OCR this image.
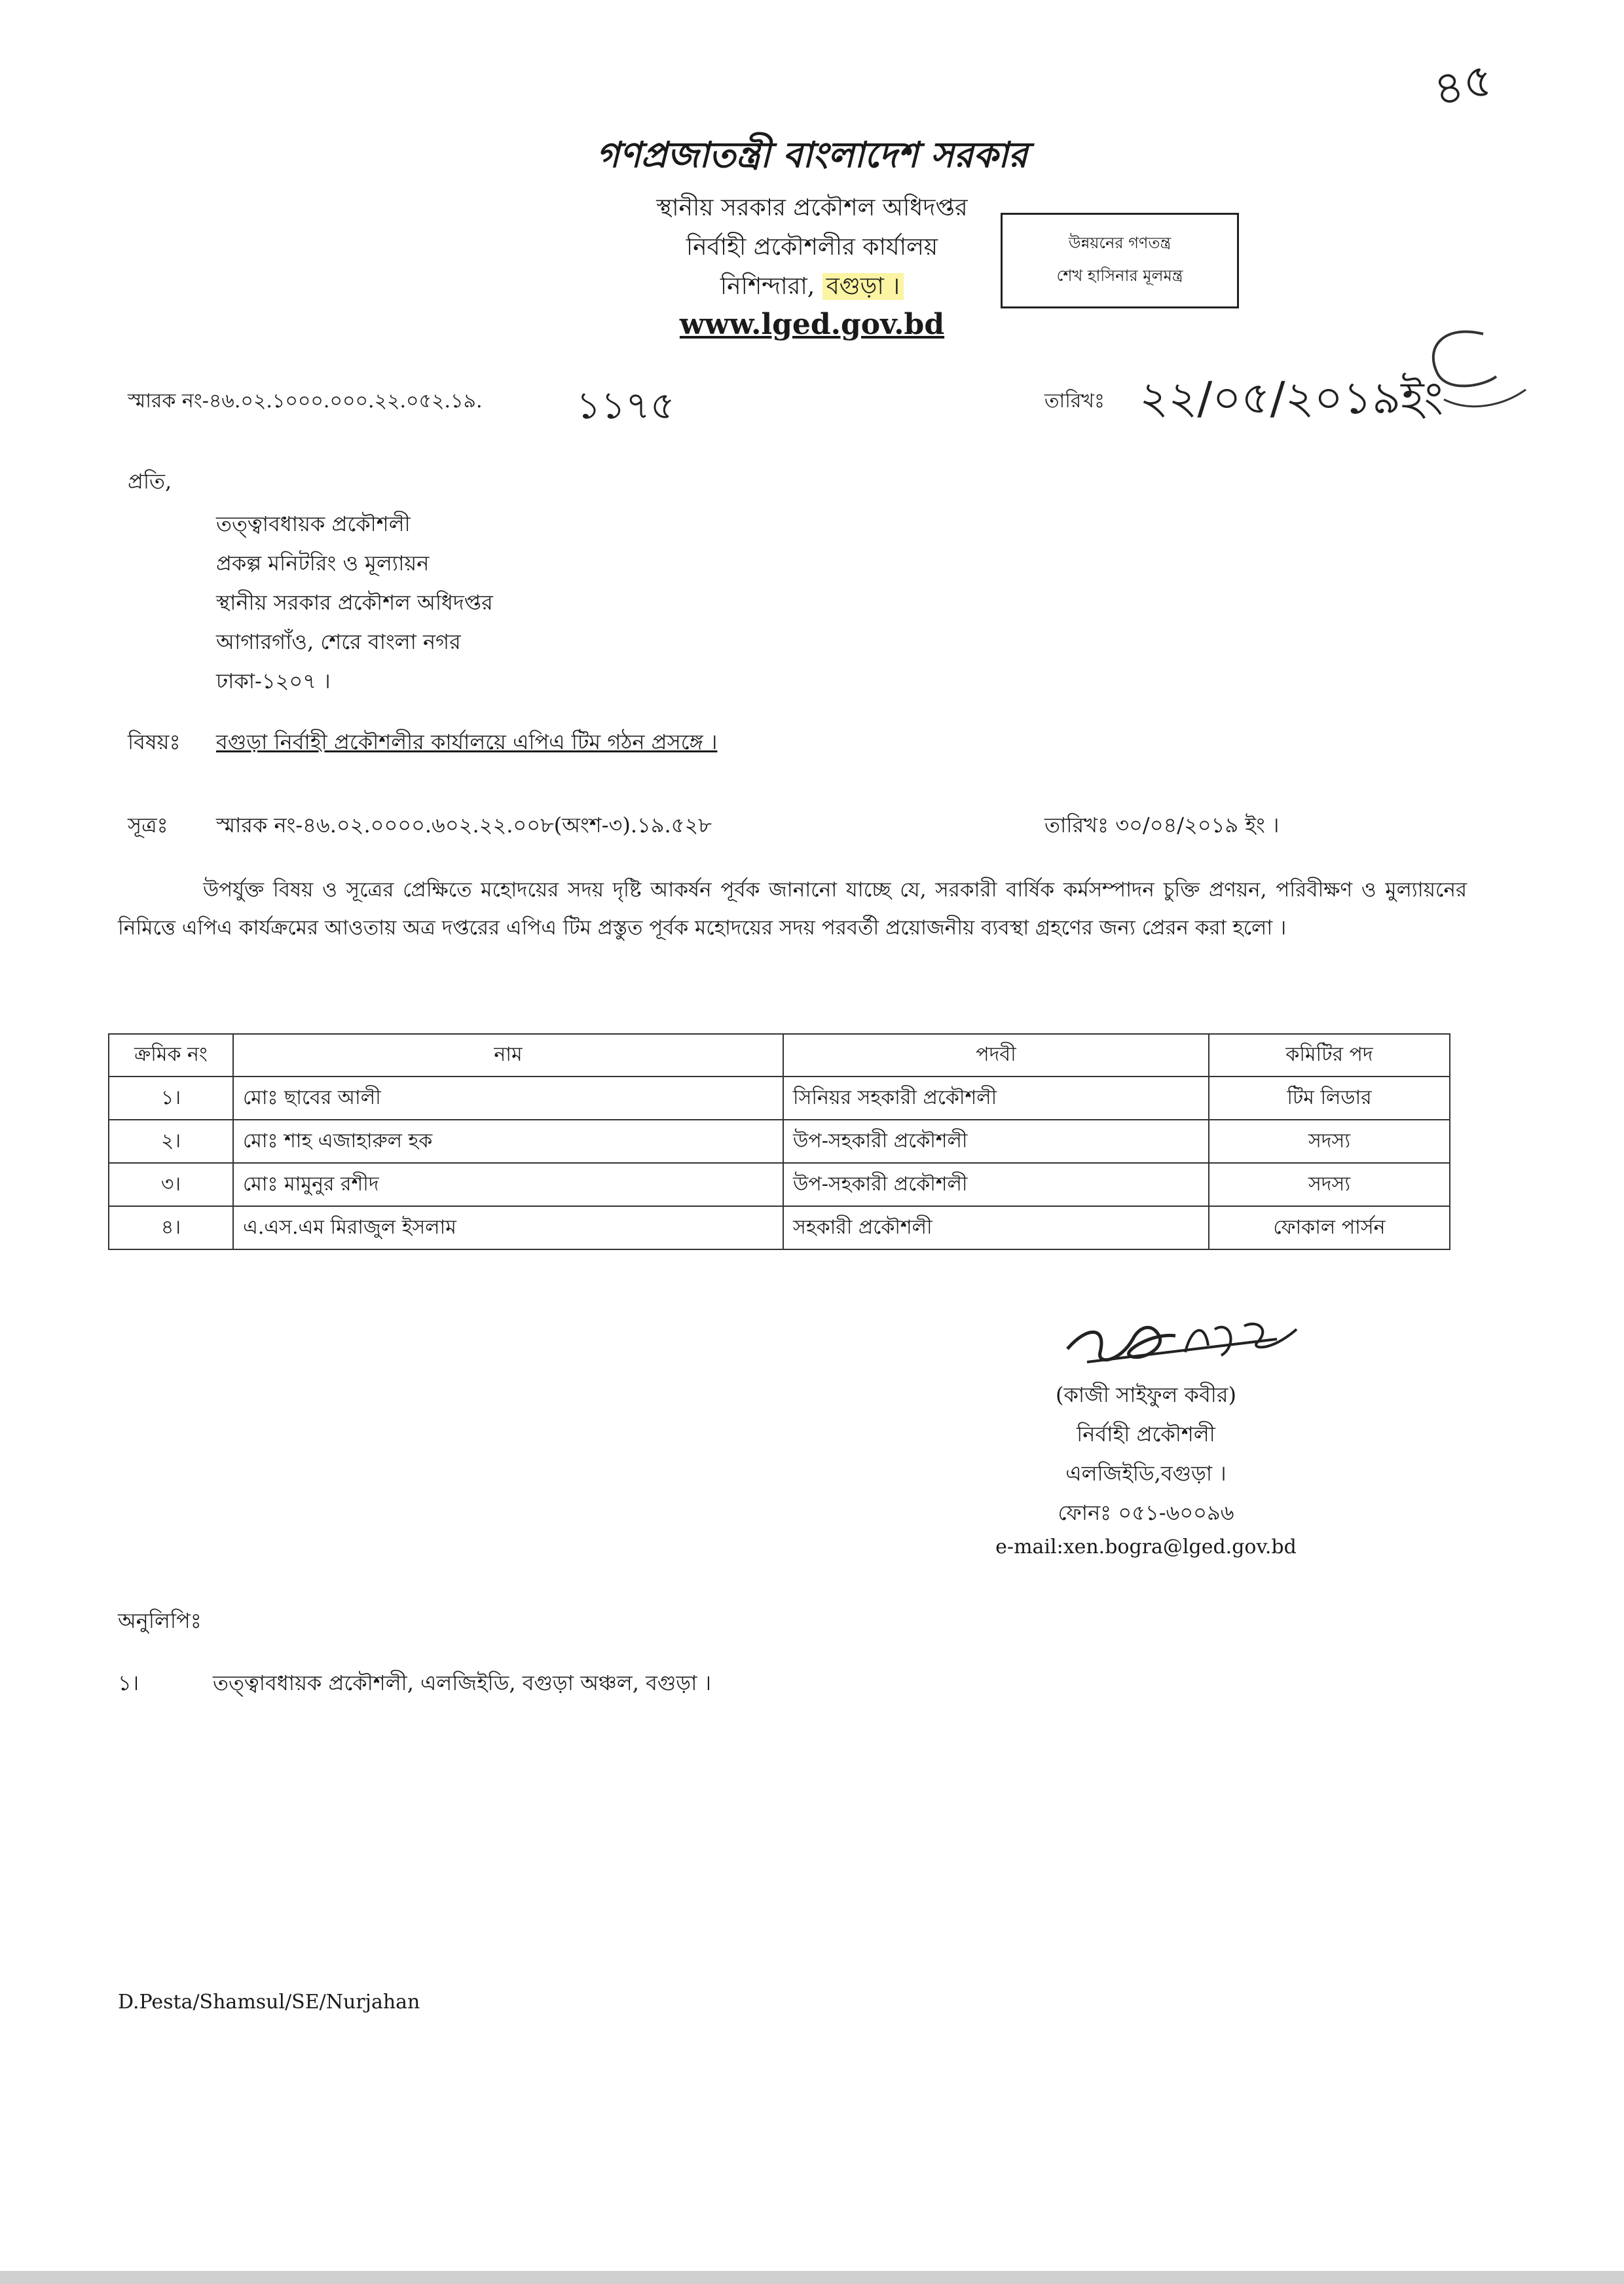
৪৫
গণপ্রজাতন্ত্রী বাংলাদেশ সরকার
স্থানীয় সরকার প্রকৌশল অধিদপ্তর
নির্বাহী প্রকৌশলীর কার্যালয়
নিশিন্দারা, বগুড়া ।
www.lged.gov.bd
উন্নয়নের গণতন্ত্র
শেখ হাসিনার মূলমন্ত্র
স্মারক নং-৪৬.০২.১০০০.০০০.২২.০৫২.১৯. ১১৭৫	তারিখঃ ২২/০৫/২০১৯ইং
প্রতি,
তত্ত্বাবধায়ক প্রকৌশলী
প্রকল্প মনিটরিং ও মূল্যায়ন
স্থানীয় সরকার প্রকৌশল অধিদপ্তর
আগারগাঁও, শেরে বাংলা নগর
ঢাকা-১২০৭ ।
বিষয়ঃ বগুড়া নির্বাহী প্রকৌশলীর কার্যালয়ে এপিএ টিম গঠন প্রসঙ্গে ।
সূত্রঃ স্মারক নং-৪৬.০২.০০০০.৬০২.২২.০০৮(অংশ-৩).১৯.৫২৮	তারিখঃ ৩০/০৪/২০১৯ ইং ।
উপর্যুক্ত বিষয় ও সূত্রের প্রেক্ষিতে মহোদয়ের সদয় দৃষ্টি আকর্ষন পূর্বক জানানো যাচ্ছে যে, সরকারী বার্ষিক কর্মসম্পাদন চুক্তি প্রণয়ন, পরিবীক্ষণ ও মুল্যায়নের নিমিত্তে এপিএ কার্যক্রমের আওতায় অত্র দপ্তরের এপিএ টিম প্রস্তুত পূর্বক মহোদয়ের সদয় পরবর্তী প্রয়োজনীয় ব্যবস্থা গ্রহণের জন্য প্রেরন করা হলো ।
ক্রমিক নং	নাম	পদবী	কমিটির পদ
১।	মোঃ ছাবের আলী	সিনিয়র সহকারী প্রকৌশলী	টিম লিডার
২।	মোঃ শাহ এজাহারুল হক	উপ-সহকারী প্রকৌশলী	সদস্য
৩।	মোঃ মামুনুর রশীদ	উপ-সহকারী প্রকৌশলী	সদস্য
৪।	এ.এস.এম মিরাজুল ইসলাম	সহকারী প্রকৌশলী	ফোকাল পার্সন
(কাজী সাইফুল কবীর)
নির্বাহী প্রকৌশলী
এলজিইডি,বগুড়া ।
ফোনঃ ০৫১-৬০০৯৬
e-mail:xen.bogra@lged.gov.bd
অনুলিপিঃ
১।	তত্ত্বাবধায়ক প্রকৌশলী, এলজিইডি, বগুড়া অঞ্চল, বগুড়া ।
D.Pesta/Shamsul/SE/Nurjahan
